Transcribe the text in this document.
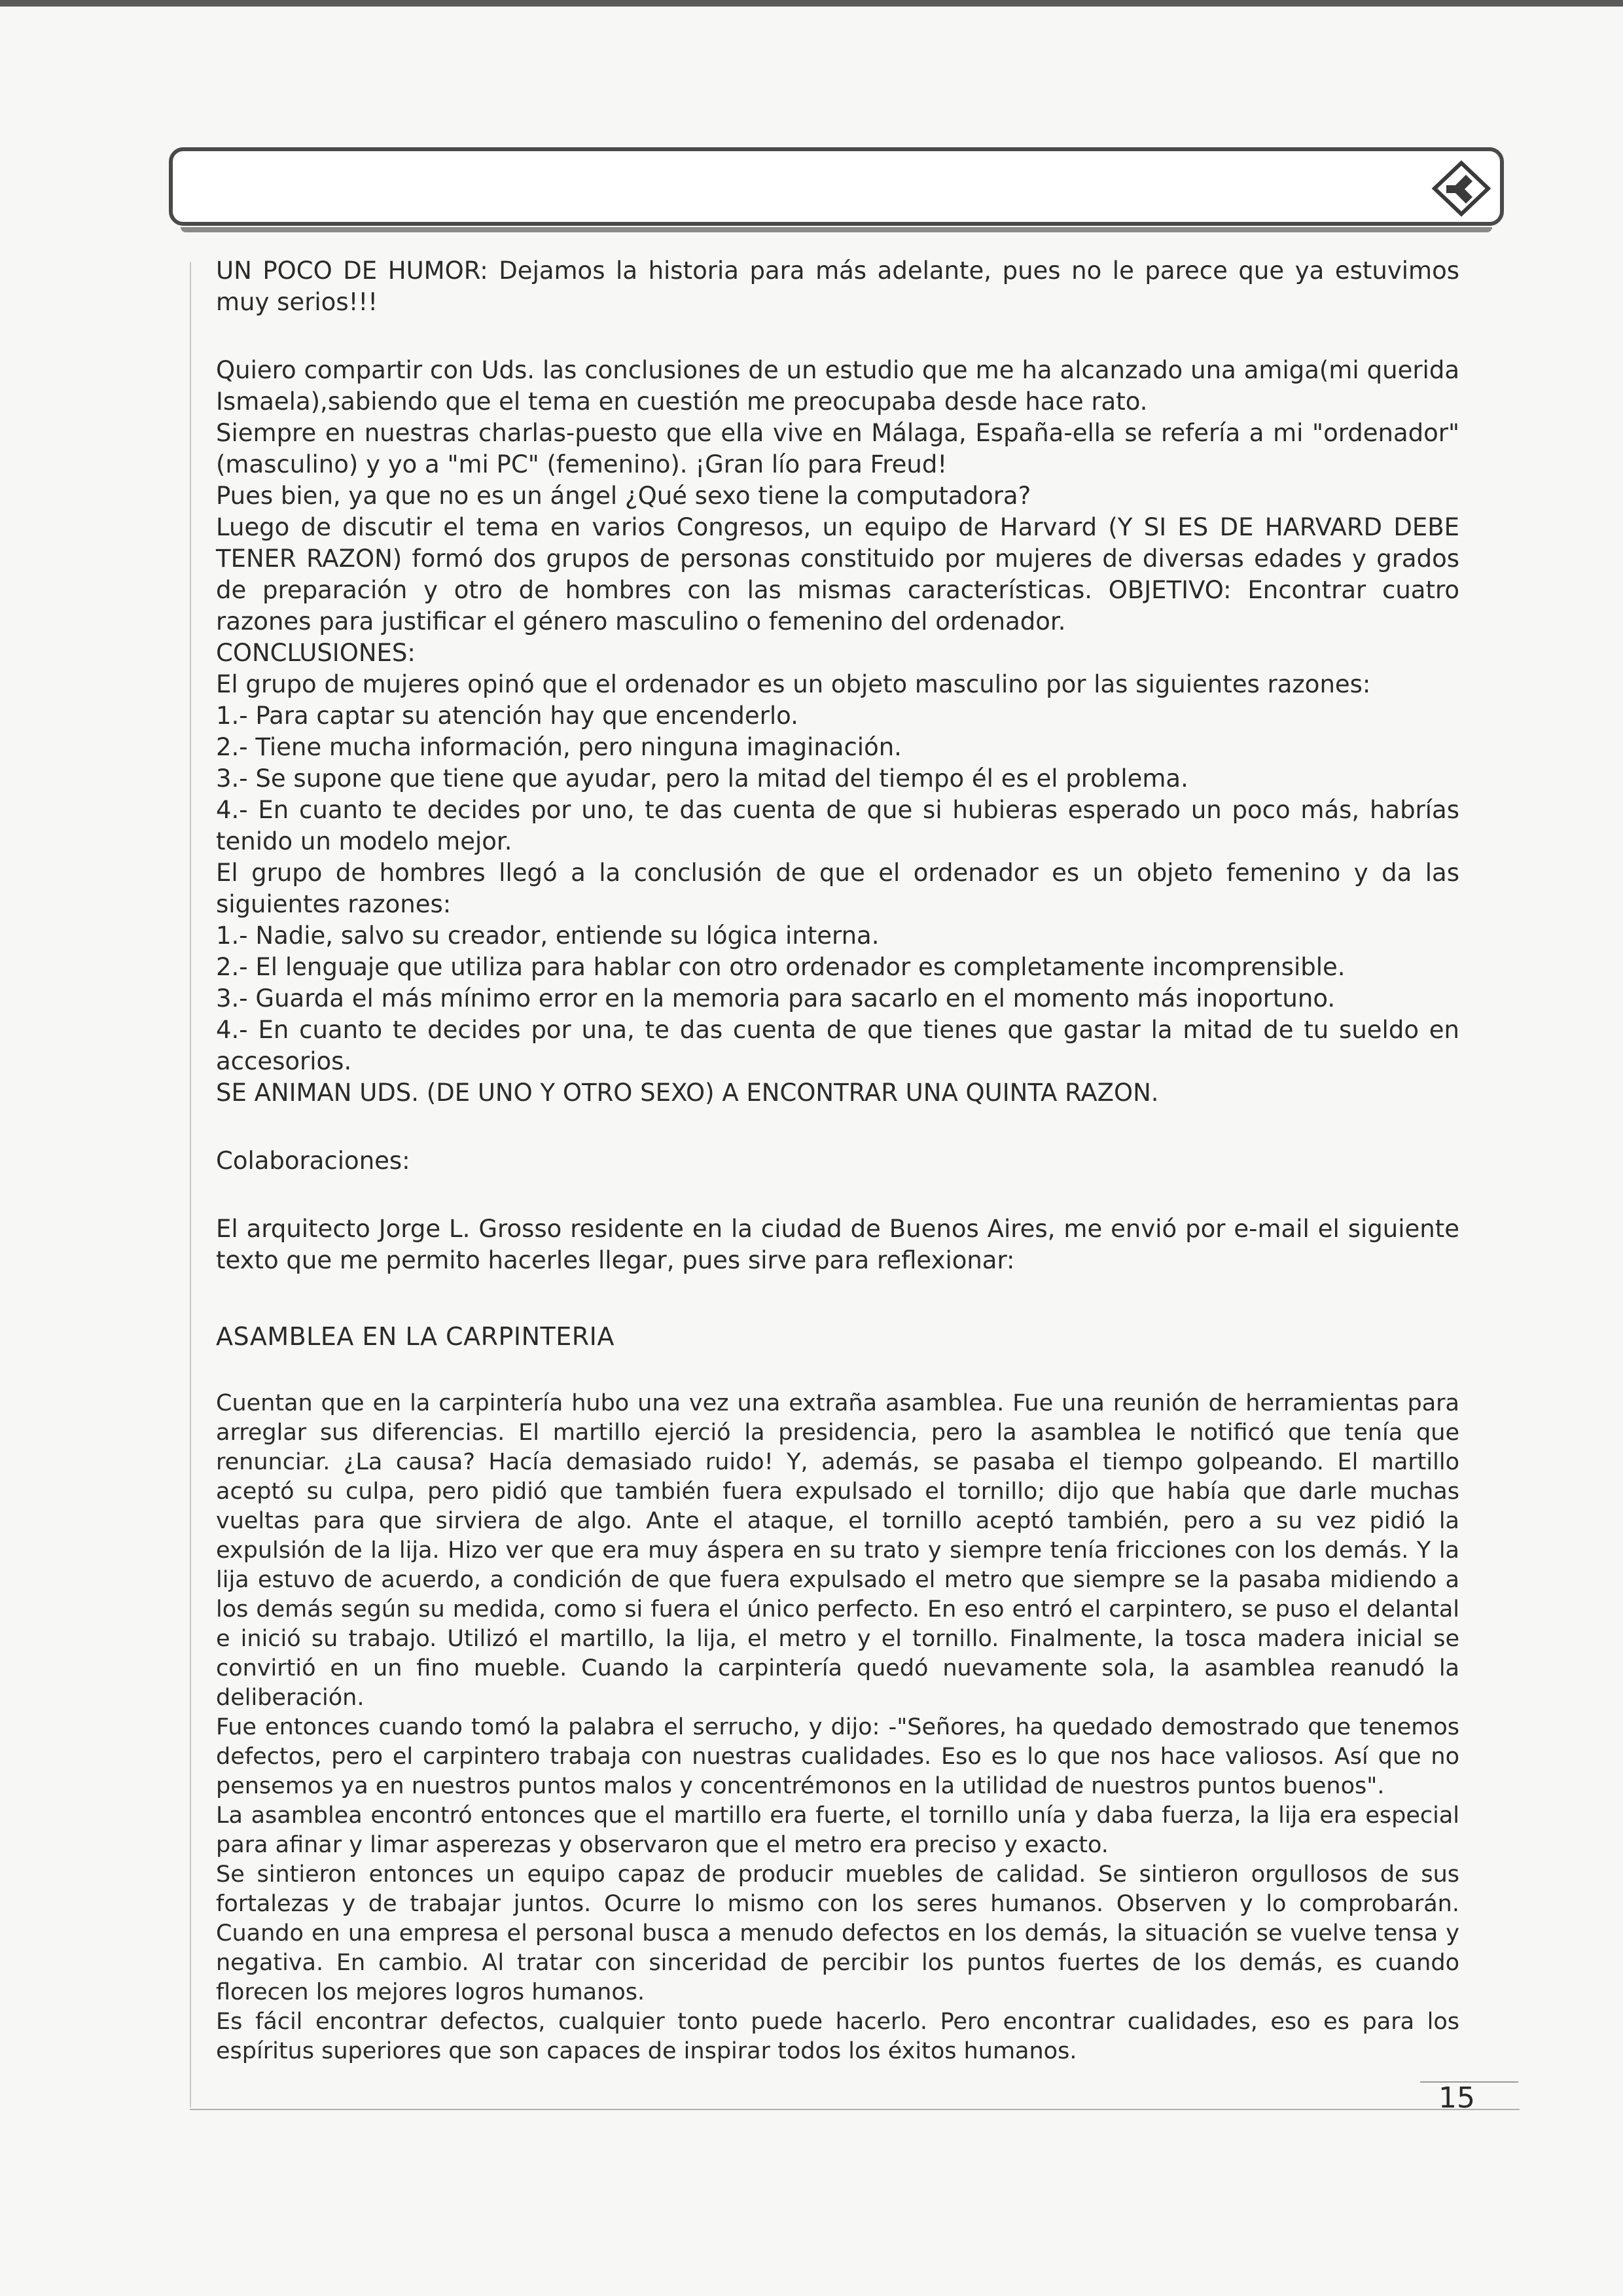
UN POCO DE HUMOR: Dejamos la historia para más adelante, pues no le parece que ya estuvimos muy serios!!!

Quiero compartir con Uds. las conclusiones de un estudio que me ha alcanzado una amiga(mi querida Ismaela),sabiendo que el tema en cuestión me preocupaba desde hace rato.

Siempre en nuestras charlas-puesto que ella vive en Málaga, España-ella se refería a mi "ordenador" (masculino) y yo a "mi PC" (femenino). ¡Gran lío para Freud!

Pues bien, ya que no es un ángel ¿Qué sexo tiene la computadora?

Luego de discutir el tema en varios Congresos, un equipo de Harvard (Y SI ES DE HARVARD DEBE TENER RAZON) formó dos grupos de personas constituido por mujeres de diversas edades y grados de preparación y otro de hombres con las mismas características. OBJETIVO: Encontrar cuatro razones para justificar el género masculino o femenino del ordenador.

CONCLUSIONES:

El grupo de mujeres opinó que el ordenador es un objeto masculino por las siguientes razones:

1.- Para captar su atención hay que encenderlo.

2.- Tiene mucha información, pero ninguna imaginación.

3.- Se supone que tiene que ayudar, pero la mitad del tiempo él es el problema.

4.- En cuanto te decides por uno, te das cuenta de que si hubieras esperado un poco más, habrías tenido un modelo mejor.

El grupo de hombres llegó a la conclusión de que el ordenador es un objeto femenino y da las siguientes razones:

1.- Nadie, salvo su creador, entiende su lógica interna.

2.- El lenguaje que utiliza para hablar con otro ordenador es completamente incomprensible.

3.- Guarda el más mínimo error en la memoria para sacarlo en el momento más inoportuno.

4.- En cuanto te decides por una, te das cuenta de que tienes que gastar la mitad de tu sueldo en accesorios.

SE ANIMAN UDS. (DE UNO Y OTRO SEXO) A ENCONTRAR UNA QUINTA RAZON.

Colaboraciones:

El arquitecto Jorge L. Grosso residente en la ciudad de Buenos Aires, me envió por e-mail el siguiente texto que me permito hacerles llegar, pues sirve para reflexionar:

ASAMBLEA EN LA CARPINTERIA

Cuentan que en la carpintería hubo una vez una extraña asamblea. Fue una reunión de herramientas para arreglar sus diferencias. El martillo ejerció la presidencia, pero la asamblea le notificó que tenía que renunciar. ¿La causa? Hacía demasiado ruido! Y, además, se pasaba el tiempo golpeando. El martillo aceptó su culpa, pero pidió que también fuera expulsado el tornillo; dijo que había que darle muchas vueltas para que sirviera de algo. Ante el ataque, el tornillo aceptó también, pero a su vez pidió la expulsión de la lija. Hizo ver que era muy áspera en su trato y siempre tenía fricciones con los demás. Y la lija estuvo de acuerdo, a condición de que fuera expulsado el metro que siempre se la pasaba midiendo a los demás según su medida, como si fuera el único perfecto. En eso entró el carpintero, se puso el delantal e inició su trabajo. Utilizó el martillo, la lija, el metro y el tornillo. Finalmente, la tosca madera inicial se convirtió en un fino mueble. Cuando la carpintería quedó nuevamente sola, la asamblea reanudó la deliberación.

Fue entonces cuando tomó la palabra el serrucho, y dijo: -"Señores, ha quedado demostrado que tenemos defectos, pero el carpintero trabaja con nuestras cualidades. Eso es lo que nos hace valiosos. Así que no pensemos ya en nuestros puntos malos y concentrémonos en la utilidad de nuestros puntos buenos".

La asamblea encontró entonces que el martillo era fuerte, el tornillo unía y daba fuerza, la lija era especial para afinar y limar asperezas y observaron que el metro era preciso y exacto.

Se sintieron entonces un equipo capaz de producir muebles de calidad. Se sintieron orgullosos de sus fortalezas y de trabajar juntos. Ocurre lo mismo con los seres humanos. Observen y lo comprobarán. Cuando en una empresa el personal busca a menudo defectos en los demás, la situación se vuelve tensa y negativa. En cambio. Al tratar con sinceridad de percibir los puntos fuertes de los demás, es cuando florecen los mejores logros humanos.

Es fácil encontrar defectos, cualquier tonto puede hacerlo. Pero encontrar cualidades, eso es para los espíritus superiores que son capaces de inspirar todos los éxitos humanos.

15
